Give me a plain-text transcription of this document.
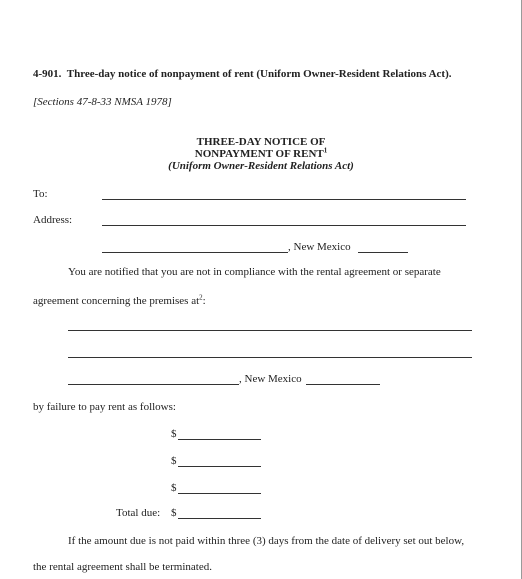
4-901. Three-day notice of nonpayment of rent (Uniform Owner-Resident Relations Act).
[Sections 47-8-33 NMSA 1978]
THREE-DAY NOTICE OF
NONPAYMENT OF RENT$^1$
(Uniform Owner-Resident Relations Act)
To:
Address:
, New Mexico
You are notified that you are not in compliance with the rental agreement or separate
agreement concerning the premises $at^2$:
, New Mexico
by failure to pay rent as follows:
$
$
$
Total due: $
If the amount due is not paid within three (3) days from the date of delivery set out below,
the rental agreement shall be terminated.
